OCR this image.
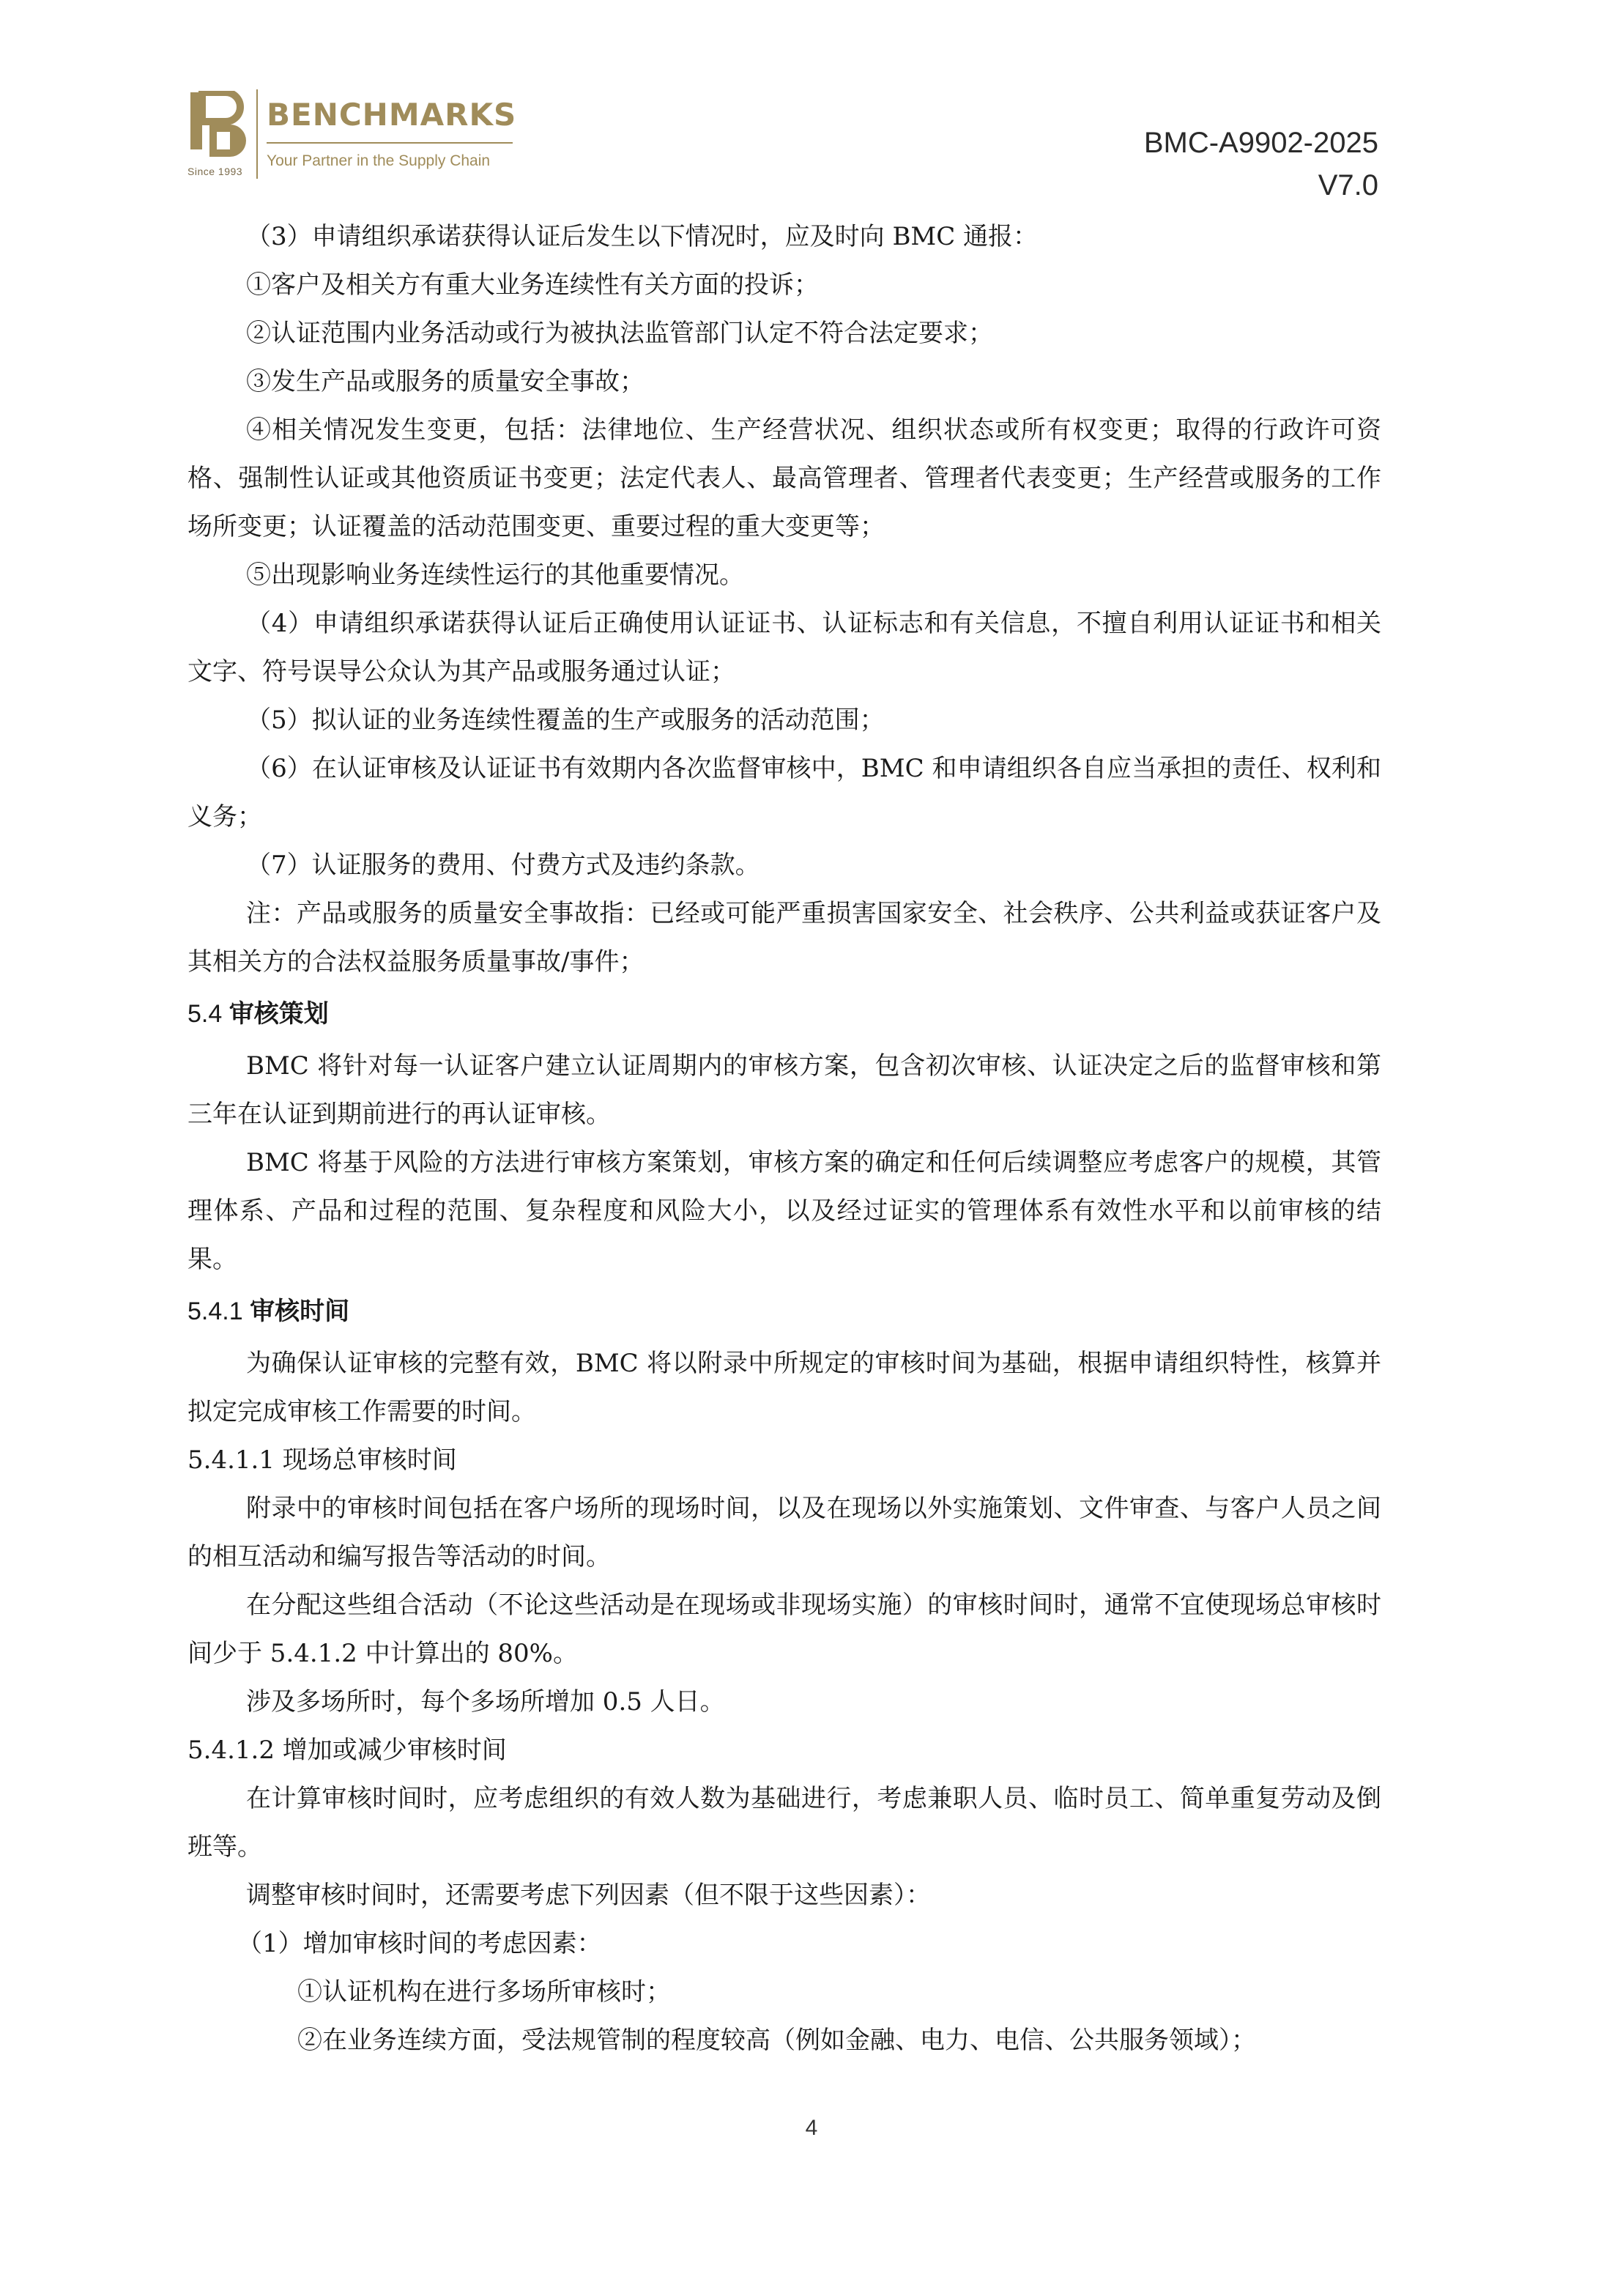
Since 1993
BENCHMARKS
Your Partner in the Supply Chain
BMC-A9902-2025
V7.0

（3）申请组织承诺获得认证后发生以下情况时，应及时向 BMC 通报：

①客户及相关方有重大业务连续性有关方面的投诉；

②认证范围内业务活动或行为被执法监管部门认定不符合法定要求；

③发生产品或服务的质量安全事故；

④相关情况发生变更，包括：法律地位、生产经营状况、组织状态或所有权变更；取得的行政许可资格、强制性认证或其他资质证书变更；法定代表人、最高管理者、管理者代表变更；生产经营或服务的工作场所变更；认证覆盖的活动范围变更、重要过程的重大变更等；

⑤出现影响业务连续性运行的其他重要情况。

（4）申请组织承诺获得认证后正确使用认证证书、认证标志和有关信息，不擅自利用认证证书和相关文字、符号误导公众认为其产品或服务通过认证；

（5）拟认证的业务连续性覆盖的生产或服务的活动范围；

（6）在认证审核及认证证书有效期内各次监督审核中，BMC 和申请组织各自应当承担的责任、权利和义务；

（7）认证服务的费用、付费方式及违约条款。

注：产品或服务的质量安全事故指：已经或可能严重损害国家安全、社会秩序、公共利益或获证客户及其相关方的合法权益服务质量事故/事件；

5.4 审核策划

BMC 将针对每一认证客户建立认证周期内的审核方案，包含初次审核、认证决定之后的监督审核和第三年在认证到期前进行的再认证审核。

BMC 将基于风险的方法进行审核方案策划，审核方案的确定和任何后续调整应考虑客户的规模，其管理体系、产品和过程的范围、复杂程度和风险大小，以及经过证实的管理体系有效性水平和以前审核的结果。

5.4.1 审核时间

为确保认证审核的完整有效，BMC 将以附录中所规定的审核时间为基础，根据申请组织特性，核算并拟定完成审核工作需要的时间。

5.4.1.1 现场总审核时间

附录中的审核时间包括在客户场所的现场时间，以及在现场以外实施策划、文件审查、与客户人员之间的相互活动和编写报告等活动的时间。

在分配这些组合活动（不论这些活动是在现场或非现场实施）的审核时间时，通常不宜使现场总审核时间少于 5.4.1.2 中计算出的 80%。

涉及多场所时，每个多场所增加 0.5 人日。

5.4.1.2 增加或减少审核时间

在计算审核时间时，应考虑组织的有效人数为基础进行，考虑兼职人员、临时员工、简单重复劳动及倒班等。

调整审核时间时，还需要考虑下列因素（但不限于这些因素）：

（1）增加审核时间的考虑因素：

①认证机构在进行多场所审核时；

②在业务连续方面，受法规管制的程度较高（例如金融、电力、电信、公共服务领域）；

4
